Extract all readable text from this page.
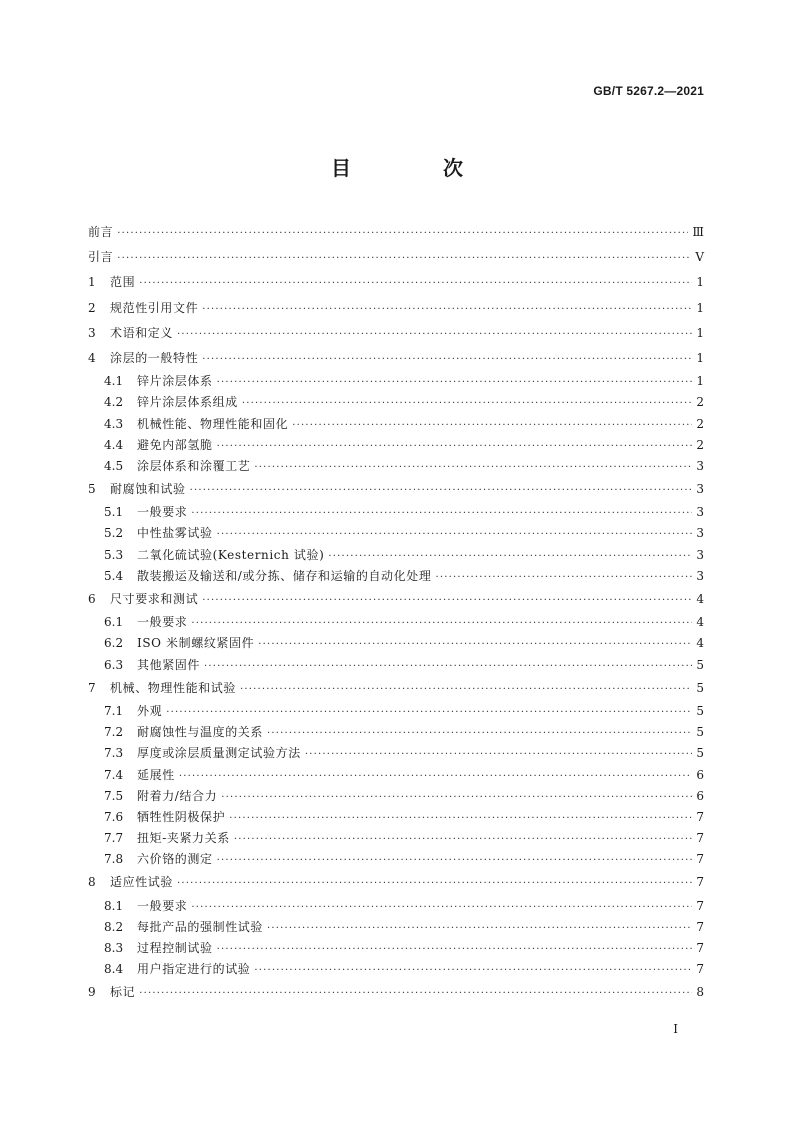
GB/T 5267.2—2021
目　次
前言 ·····	Ⅲ
引言 ·····	Ⅴ
1	范围 ·····	1
2	规范性引用文件 ·····	1
3	术语和定义 ·····	1
4	涂层的一般特性 ·····	1
4.1	锌片涂层体系 ·····	1
4.2	锌片涂层体系组成 ·····	2
4.3	机械性能、物理性能和固化 ·····	2
4.4	避免内部氢脆 ·····	2
4.5	涂层体系和涂覆工艺 ·····	3
5	耐腐蚀和试验 ·····	3
5.1	一般要求 ·····	3
5.2	中性盐雾试验 ·····	3
5.3	二氧化硫试验(Kesternich 试验) ·····	3
5.4	散装搬运及输送和/或分拣、储存和运输的自动化处理 ·····	3
6	尺寸要求和测试 ·····	4
6.1	一般要求 ·····	4
6.2	ISO 米制螺纹紧固件 ·····	4
6.3	其他紧固件 ·····	5
7	机械、物理性能和试验 ·····	5
7.1	外观 ·····	5
7.2	耐腐蚀性与温度的关系 ·····	5
7.3	厚度或涂层质量测定试验方法 ·····	5
7.4	延展性 ·····	6
7.5	附着力/结合力 ·····	6
7.6	牺牲性阴极保护 ·····	7
7.7	扭矩-夹紧力关系 ·····	7
7.8	六价铬的测定 ·····	7
8	适应性试验 ·····	7
8.1	一般要求 ·····	7
8.2	每批产品的强制性试验 ·····	7
8.3	过程控制试验 ·····	7
8.4	用户指定进行的试验 ·····	7
9	标记 ·····	8
I
